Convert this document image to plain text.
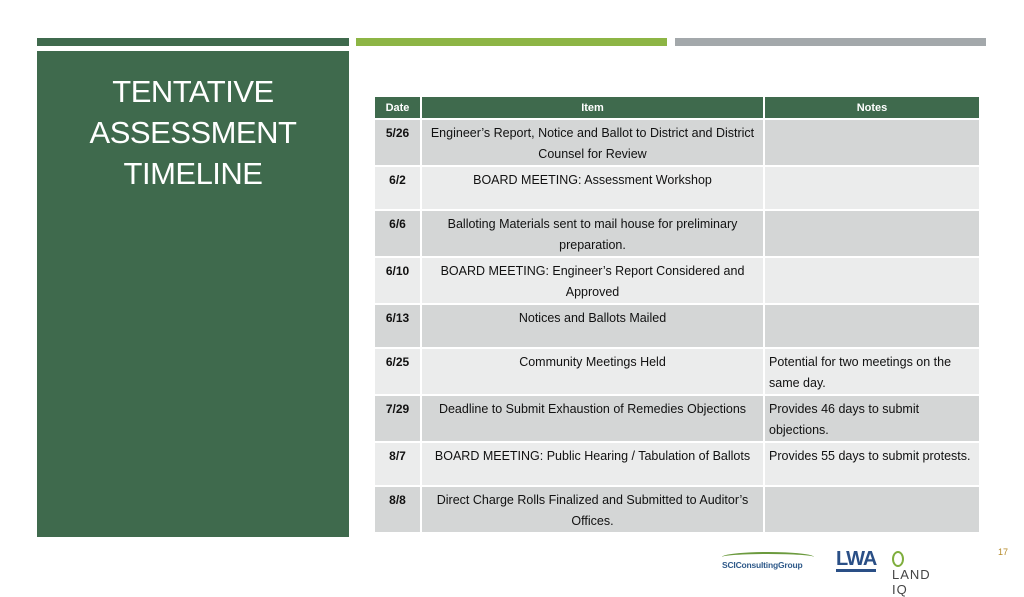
TENTATIVE
ASSESSMENT
TIMELINE
Date	Item	Notes
5/26	Engineer’s Report, Notice and Ballot to District and District Counsel for Review	
6/2	BOARD MEETING: Assessment Workshop	
6/6	Balloting Materials sent to mail house for preliminary preparation.	
6/10	BOARD MEETING: Engineer’s Report Considered and Approved	
6/13	Notices and Ballots Mailed	
6/25	Community Meetings Held	Potential for two meetings on the same day.
7/29	Deadline to Submit Exhaustion of Remedies Objections	Provides 46 days to submit objections.
8/7	BOARD MEETING: Public Hearing / Tabulation of Ballots	Provides 55 days to submit protests.
8/8	Direct Charge Rolls Finalized and Submitted to Auditor’s Offices.	
SCIConsultingGroup	LWA
LAND IQ
17
